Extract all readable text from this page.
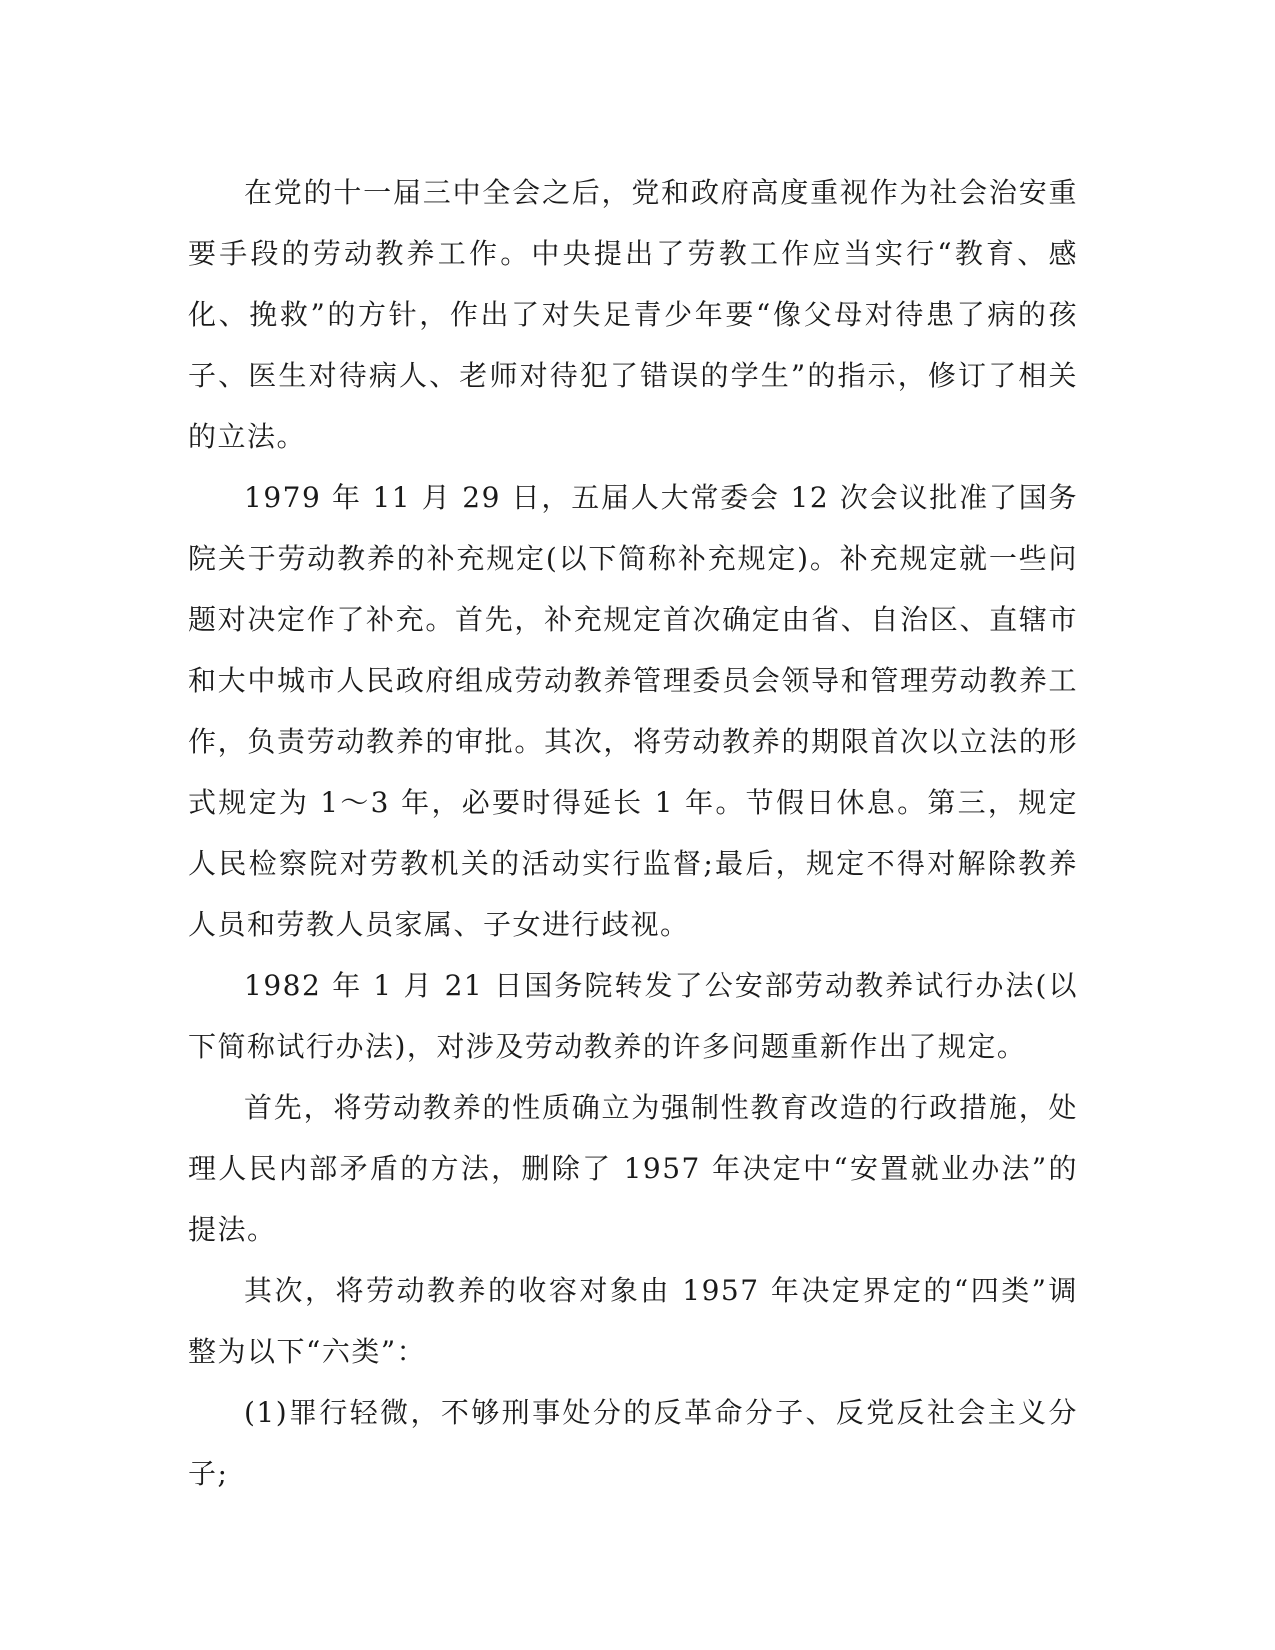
在党的十一届三中全会之后，党和政府高度重视作为社会治安重要手段的劳动教养工作。中央提出了劳教工作应当实行“教育、感化、挽救”的方针，作出了对失足青少年要“像父母对待患了病的孩子、医生对待病人、老师对待犯了错误的学生”的指示，修订了相关的立法。

1979 年 11 月 29 日，五届人大常委会 12 次会议批准了国务院关于劳动教养的补充规定(以下简称补充规定)。补充规定就一些问题对决定作了补充。首先，补充规定首次确定由省、自治区、直辖市和大中城市人民政府组成劳动教养管理委员会领导和管理劳动教养工作，负责劳动教养的审批。其次，将劳动教养的期限首次以立法的形式规定为 1～3 年，必要时得延长 1 年。节假日休息。第三，规定人民检察院对劳教机关的活动实行监督;最后，规定不得对解除教养人员和劳教人员家属、子女进行歧视。

1982 年 1 月 21 日国务院转发了公安部劳动教养试行办法(以下简称试行办法)，对涉及劳动教养的许多问题重新作出了规定。

首先，将劳动教养的性质确立为强制性教育改造的行政措施，处理人民内部矛盾的方法，删除了 1957 年决定中“安置就业办法”的提法。

其次，将劳动教养的收容对象由 1957 年决定界定的“四类”调整为以下“六类”：

(1)罪行轻微，不够刑事处分的反革命分子、反党反社会主义分子;
